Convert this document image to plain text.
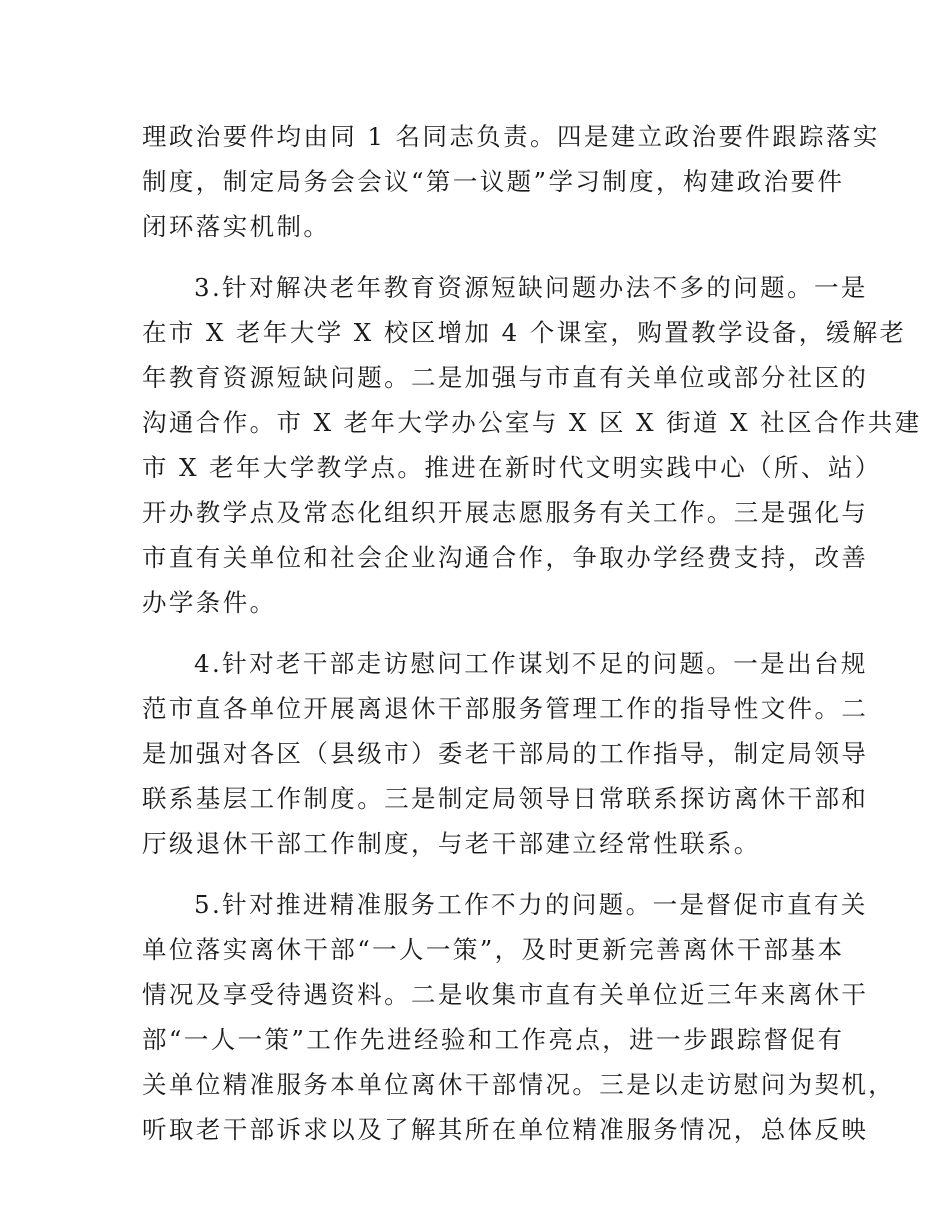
理政治要件均由同 1 名同志负责。四是建立政治要件跟踪落实
制度，制定局务会会议“第一议题”学习制度，构建政治要件
闭环落实机制。
3.针对解决老年教育资源短缺问题办法不多的问题。一是
在市 X 老年大学 X 校区增加 4 个课室，购置教学设备，缓解老
年教育资源短缺问题。二是加强与市直有关单位或部分社区的
沟通合作。市 X 老年大学办公室与 X 区 X 街道 X 社区合作共建
市 X 老年大学教学点。推进在新时代文明实践中心（所、站）
开办教学点及常态化组织开展志愿服务有关工作。三是强化与
市直有关单位和社会企业沟通合作，争取办学经费支持，改善
办学条件。
4.针对老干部走访慰问工作谋划不足的问题。一是出台规
范市直各单位开展离退休干部服务管理工作的指导性文件。二
是加强对各区（县级市）委老干部局的工作指导，制定局领导
联系基层工作制度。三是制定局领导日常联系探访离休干部和
厅级退休干部工作制度，与老干部建立经常性联系。
5.针对推进精准服务工作不力的问题。一是督促市直有关
单位落实离休干部“一人一策”，及时更新完善离休干部基本
情况及享受待遇资料。二是收集市直有关单位近三年来离休干
部“一人一策”工作先进经验和工作亮点，进一步跟踪督促有
关单位精准服务本单位离休干部情况。三是以走访慰问为契机，
听取老干部诉求以及了解其所在单位精准服务情况，总体反映
